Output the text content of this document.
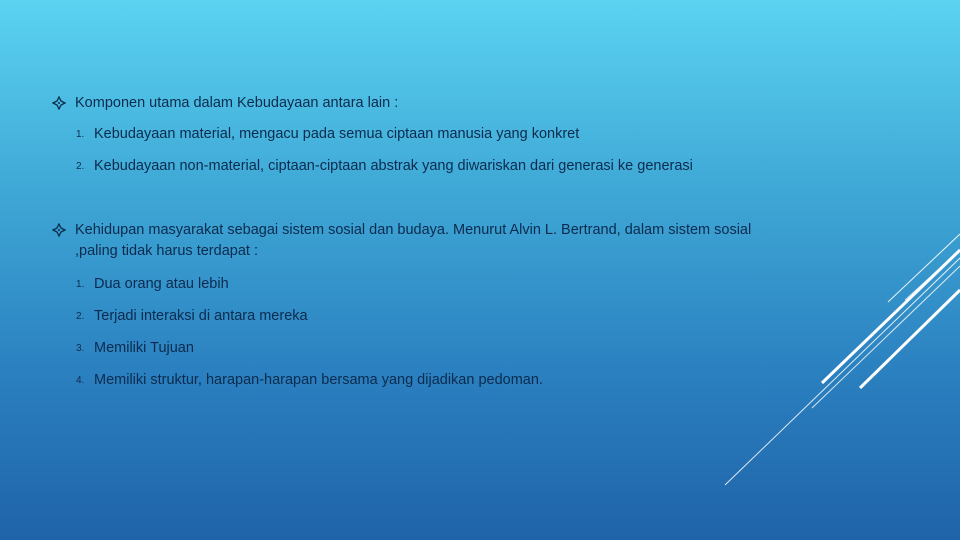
Komponen utama dalam Kebudayaan antara lain :
1. Kebudayaan material, mengacu pada semua ciptaan manusia yang konkret
2. Kebudayaan non-material, ciptaan-ciptaan abstrak yang diwariskan dari generasi ke generasi
Kehidupan masyarakat sebagai sistem sosial dan budaya. Menurut Alvin L. Bertrand, dalam sistem sosial
,paling tidak harus terdapat :
1. Dua orang atau lebih
2. Terjadi interaksi di antara mereka
3. Memiliki Tujuan
4. Memiliki struktur, harapan-harapan bersama yang dijadikan pedoman.
